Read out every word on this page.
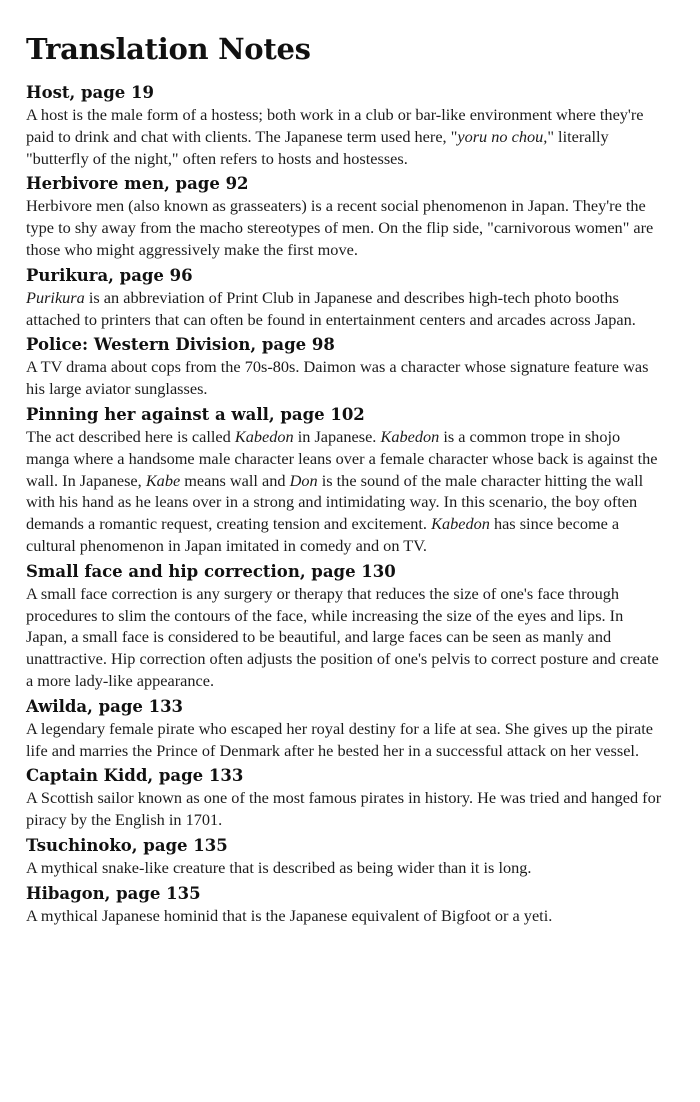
Translation Notes
Host, page 19

A host is the male form of a hostess; both work in a club or bar-like environment where they're paid to drink and chat with clients. The Japanese term used here, "yoru no chou," literally "butterfly of the night," often refers to hosts and hostesses.

Herbivore men, page 92

Herbivore men (also known as grasseaters) is a recent social phenomenon in Japan. They're the type to shy away from the macho stereotypes of men. On the flip side, "carnivorous women" are those who might aggressively make the first move.

Purikura, page 96

Purikura is an abbreviation of Print Club in Japanese and describes high-tech photo booths attached to printers that can often be found in entertainment centers and arcades across Japan.

Police: Western Division, page 98

A TV drama about cops from the 70s-80s. Daimon was a character whose signature feature was his large aviator sunglasses.

Pinning her against a wall, page 102

The act described here is called Kabedon in Japanese. Kabedon is a common trope in shojo manga where a handsome male character leans over a female character whose back is against the wall. In Japanese, Kabe means wall and Don is the sound of the male character hitting the wall with his hand as he leans over in a strong and intimidating way. In this scenario, the boy often demands a romantic request, creating tension and excitement. Kabedon has since become a cultural phenomenon in Japan imitated in comedy and on TV.

Small face and hip correction, page 130

A small face correction is any surgery or therapy that reduces the size of one's face through procedures to slim the contours of the face, while increasing the size of the eyes and lips. In Japan, a small face is considered to be beautiful, and large faces can be seen as manly and unattractive. Hip correction often adjusts the position of one's pelvis to correct posture and create a more lady-like appearance.

Awilda, page 133

A legendary female pirate who escaped her royal destiny for a life at sea. She gives up the pirate life and marries the Prince of Denmark after he bested her in a successful attack on her vessel.

Captain Kidd, page 133

A Scottish sailor known as one of the most famous pirates in history. He was tried and hanged for piracy by the English in 1701.

Tsuchinoko, page 135

A mythical snake-like creature that is described as being wider than it is long.

Hibagon, page 135

A mythical Japanese hominid that is the Japanese equivalent of Bigfoot or a yeti.
